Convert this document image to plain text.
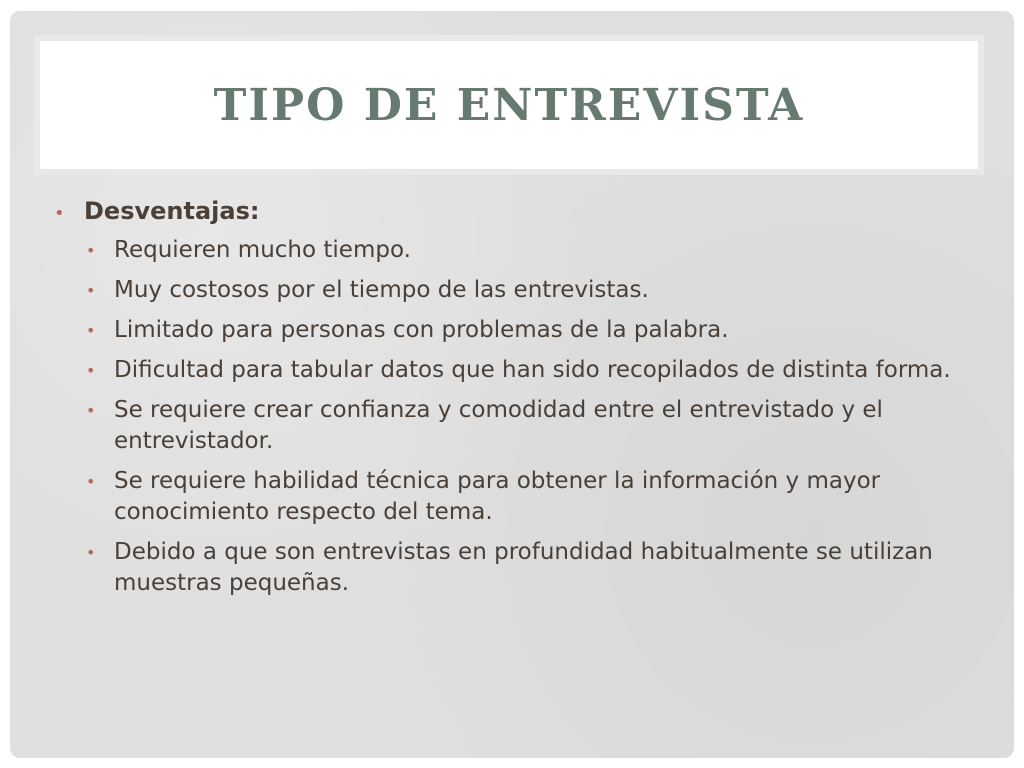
TIPO DE ENTREVISTA
• Desventajas:
• Requieren mucho tiempo.
• Muy costosos por el tiempo de las entrevistas.
• Limitado para personas con problemas de la palabra.
• Dificultad para tabular datos que han sido recopilados de distinta forma.
• Se requiere crear confianza y comodidad entre el entrevistado y el entrevistador.
• Se requiere habilidad técnica para obtener la información y mayor conocimiento respecto del tema.
• Debido a que son entrevistas en profundidad habitualmente se utilizan muestras pequeñas.
